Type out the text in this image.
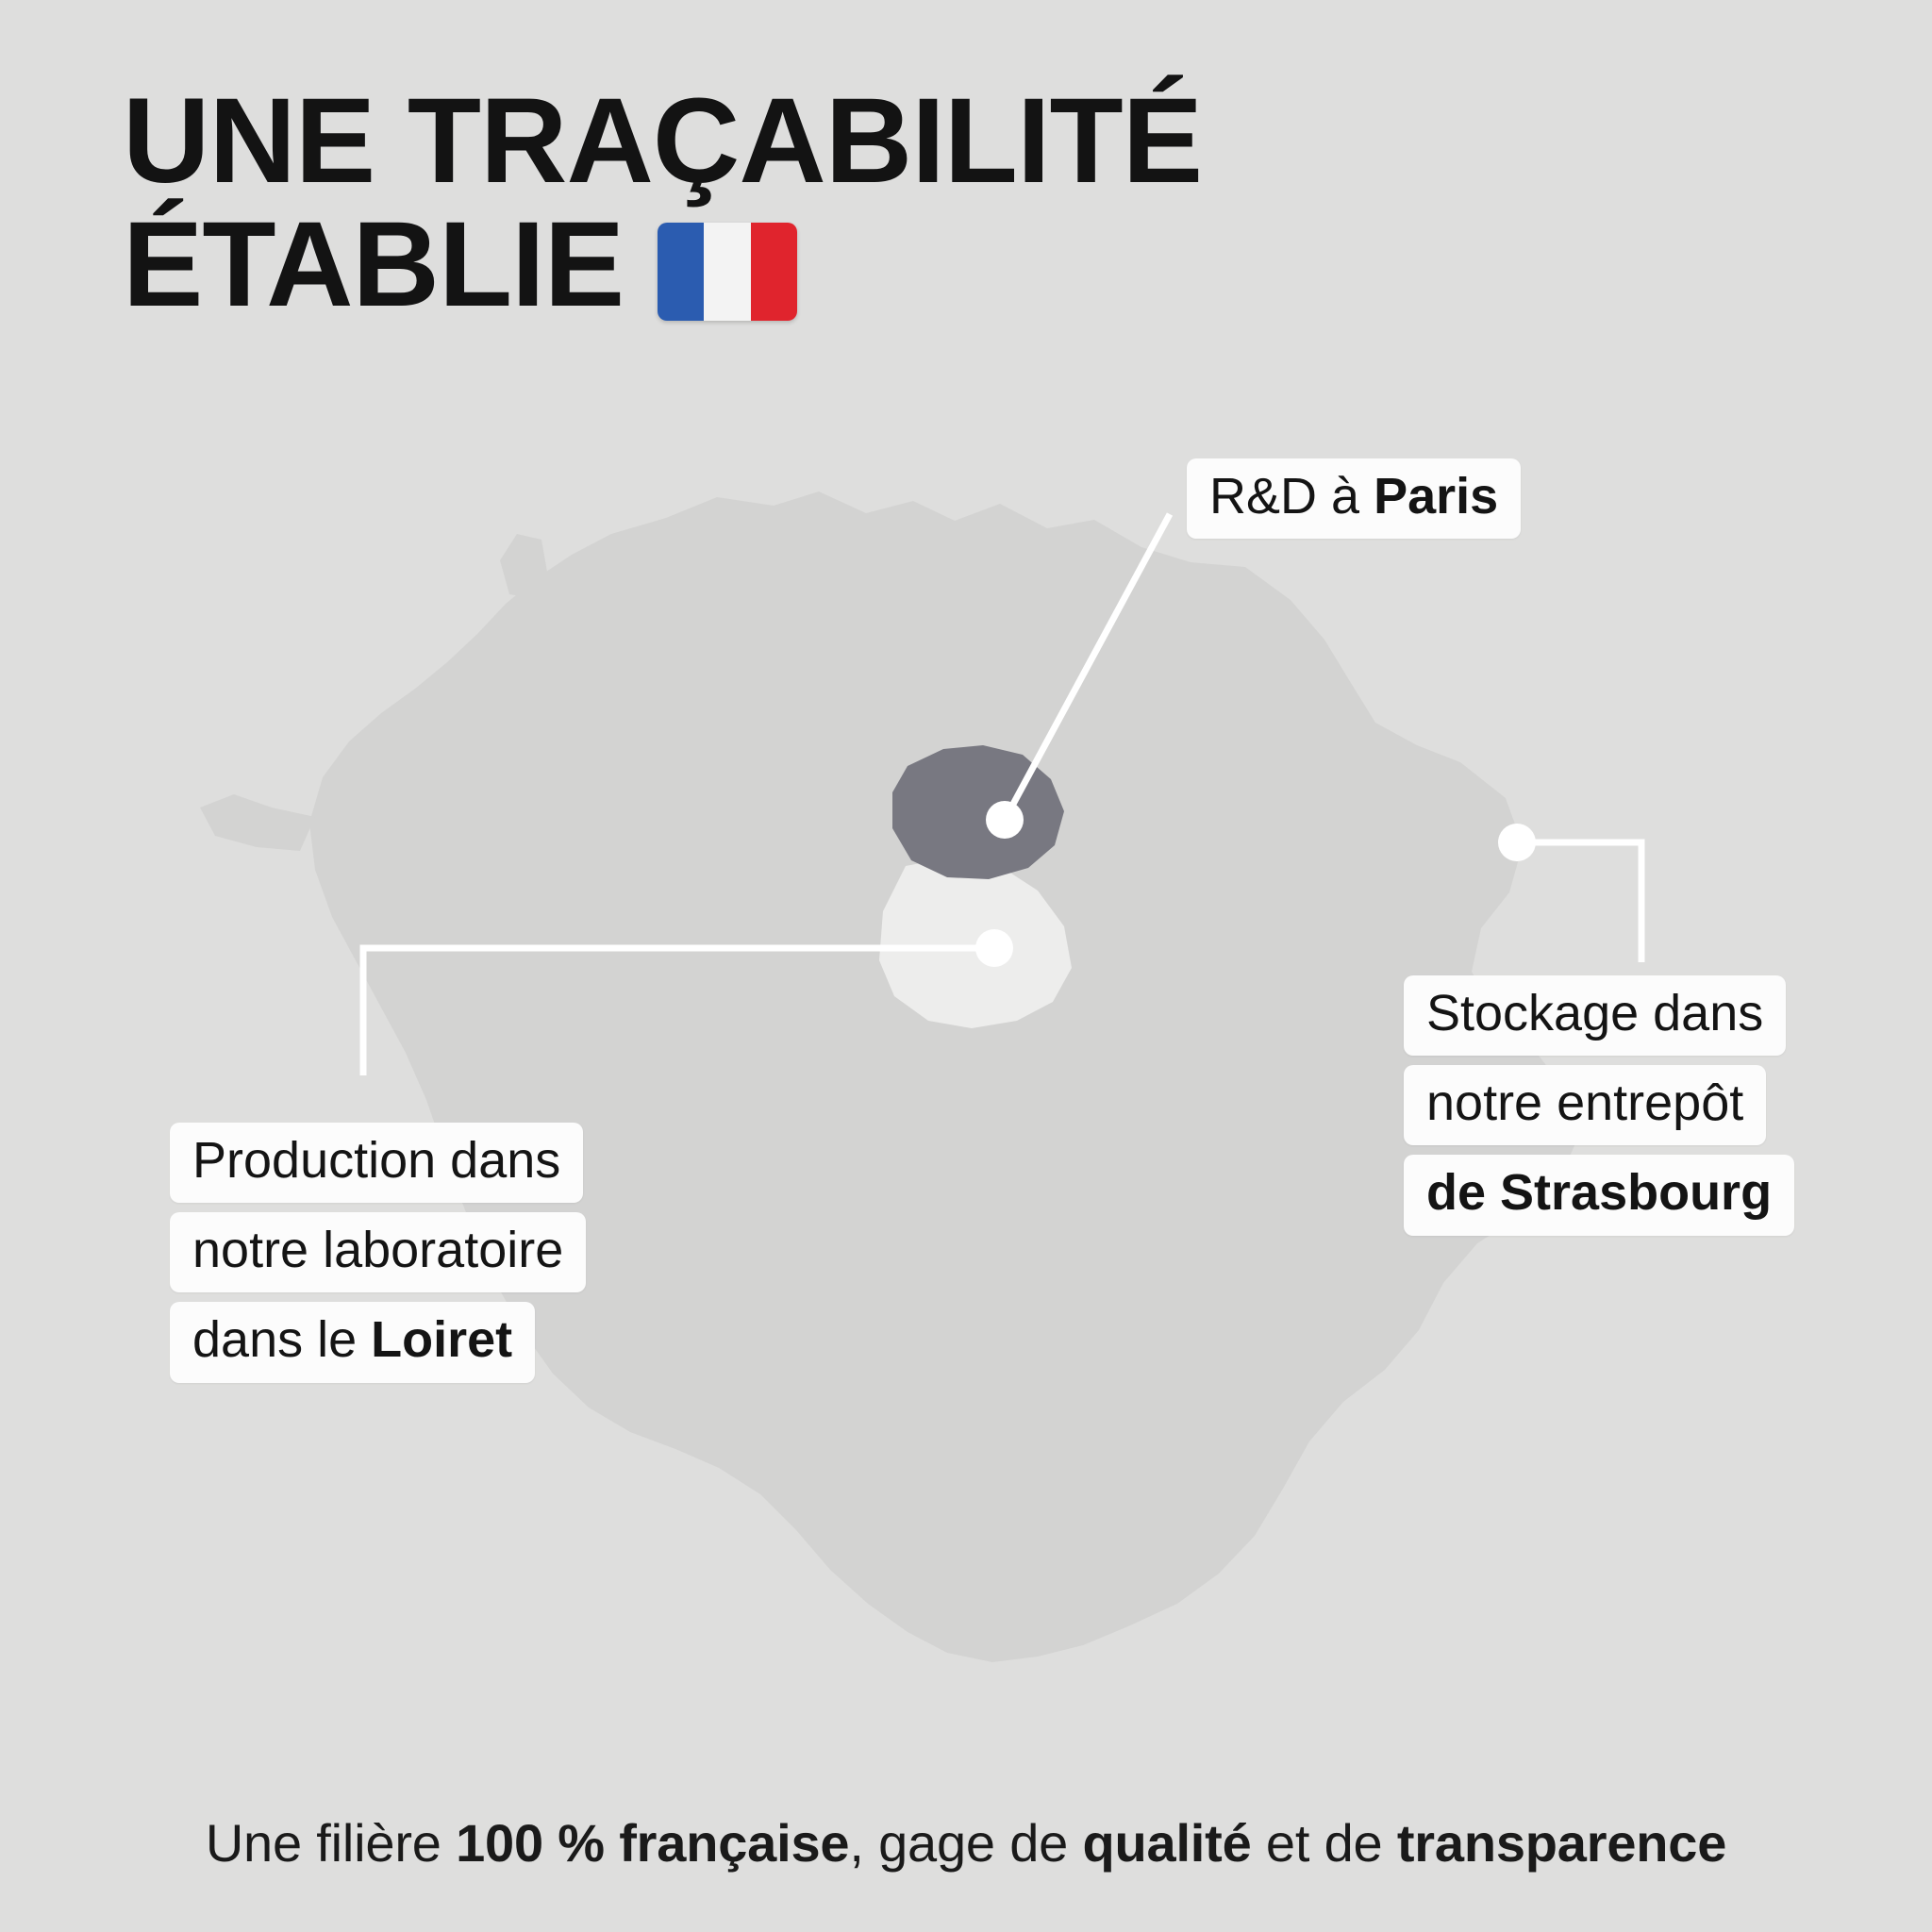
UNE TRAÇABILITÉ
ÉTABLIE
R&D à Paris
Production dans
notre laboratoire
dans le Loiret
Stockage dans
notre entrepôt
de Strasbourg
Une filière 100 % française, gage de qualité et de transparence
